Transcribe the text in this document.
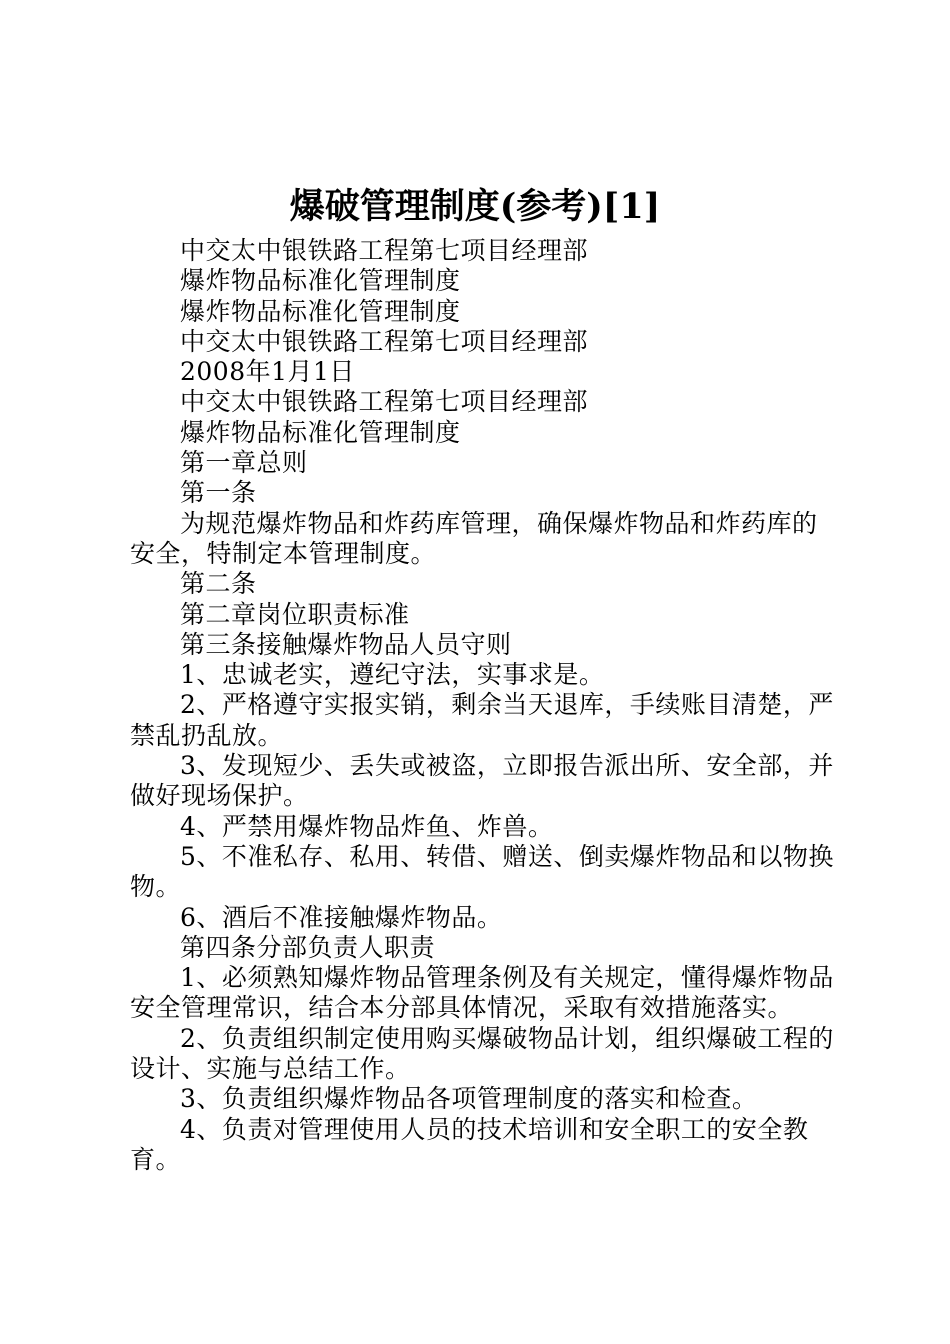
爆破管理制度(参考)[1]

中交太中银铁路工程第七项目经理部

爆炸物品标准化管理制度

爆炸物品标准化管理制度

中交太中银铁路工程第七项目经理部

2008年1月1日

中交太中银铁路工程第七项目经理部

爆炸物品标准化管理制度

第一章总则

第一条

为规范爆炸物品和炸药库管理，确保爆炸物品和炸药库的安全，特制定本管理制度。

第二条

第二章岗位职责标准

第三条接触爆炸物品人员守则

1、忠诚老实，遵纪守法，实事求是。

2、严格遵守实报实销，剩余当天退库，手续账目清楚，严禁乱扔乱放。

3、发现短少、丢失或被盗，立即报告派出所、安全部，并做好现场保护。

4、严禁用爆炸物品炸鱼、炸兽。

5、不准私存、私用、转借、赠送、倒卖爆炸物品和以物换物。

6、酒后不准接触爆炸物品。

第四条分部负责人职责

1、必须熟知爆炸物品管理条例及有关规定，懂得爆炸物品安全管理常识，结合本分部具体情况，采取有效措施落实。

2、负责组织制定使用购买爆破物品计划，组织爆破工程的设计、实施与总结工作。

3、负责组织爆炸物品各项管理制度的落实和检查。

4、负责对管理使用人员的技术培训和安全职工的安全教育。
